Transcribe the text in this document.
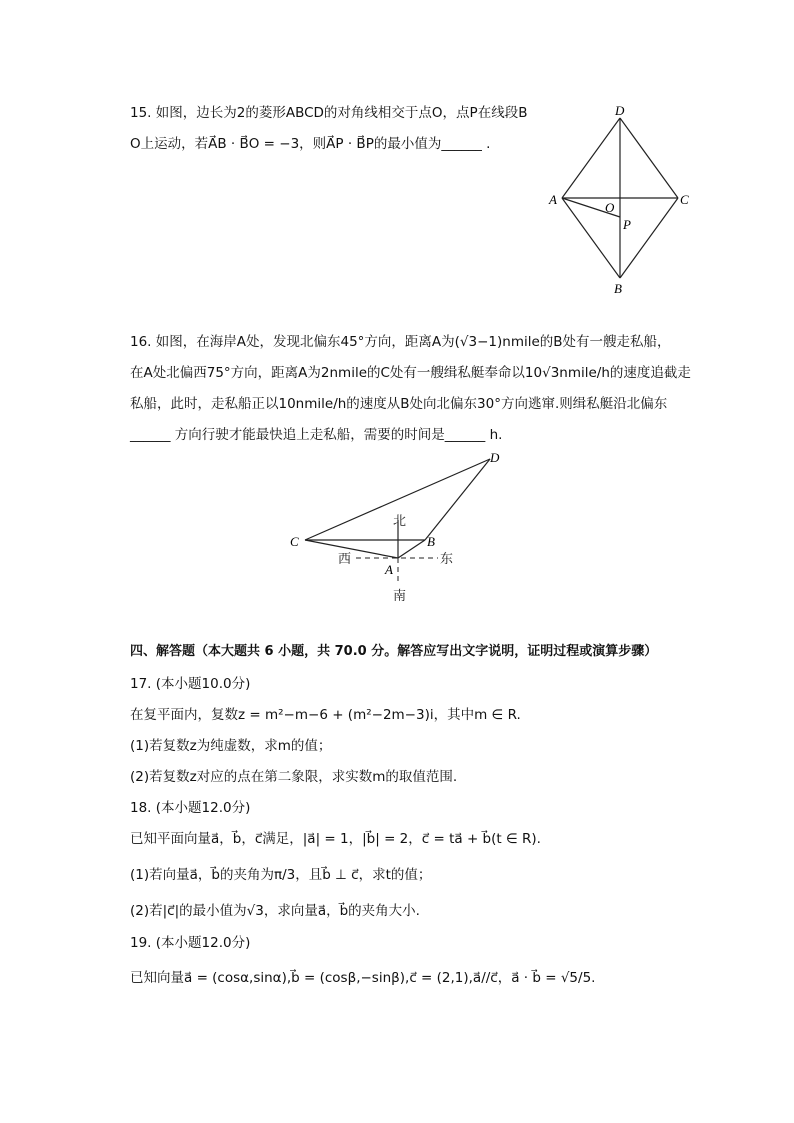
15. 如图，边长为2的菱形ABCD的对角线相交于点O，点P在线段B
O上运动，若A⃗B · B⃗O = −3，则A⃗P · B⃗P的最小值为______ .
D
A
O
C
P
B
16. 如图，在海岸A处，发现北偏东45°方向，距离A为(√3−1)nmile的B处有一艘走私船，
在A处北偏西75°方向，距离A为2nmile的C处有一艘缉私艇奉命以10√3nmile/h的速度追截走
私船，此时，走私船正以10nmile/h的速度从B处向北偏东30°方向逃窜.则缉私艇沿北偏东
______ 方向行驶才能最快追上走私船，需要的时间是______ h.
D
C	B
A
北
南
西	东
四、解答题（本大题共 6 小题，共 70.0 分。解答应写出文字说明，证明过程或演算步骤）
17. (本小题10.0分)
在复平面内，复数z = m²−m−6 + (m²−2m−3)i，其中m ∈ R.
(1)若复数z为纯虚数，求m的值；
(2)若复数z对应的点在第二象限，求实数m的取值范围.
18. (本小题12.0分)
已知平面向量a⃗，b⃗，c⃗满足，|a⃗| = 1，|b⃗| = 2，c⃗ = ta⃗ + b⃗(t ∈ R).
(1)若向量a⃗，b⃗的夹角为π/3，且b⃗ ⊥ c⃗，求t的值；
(2)若|c⃗|的最小值为√3，求向量a⃗，b⃗的夹角大小.
19. (本小题12.0分)
已知向量a⃗ = (cosα,sinα),b⃗ = (cosβ,−sinβ),c⃗ = (2,1),a⃗//c⃗，a⃗ · b⃗ = √5/5.
